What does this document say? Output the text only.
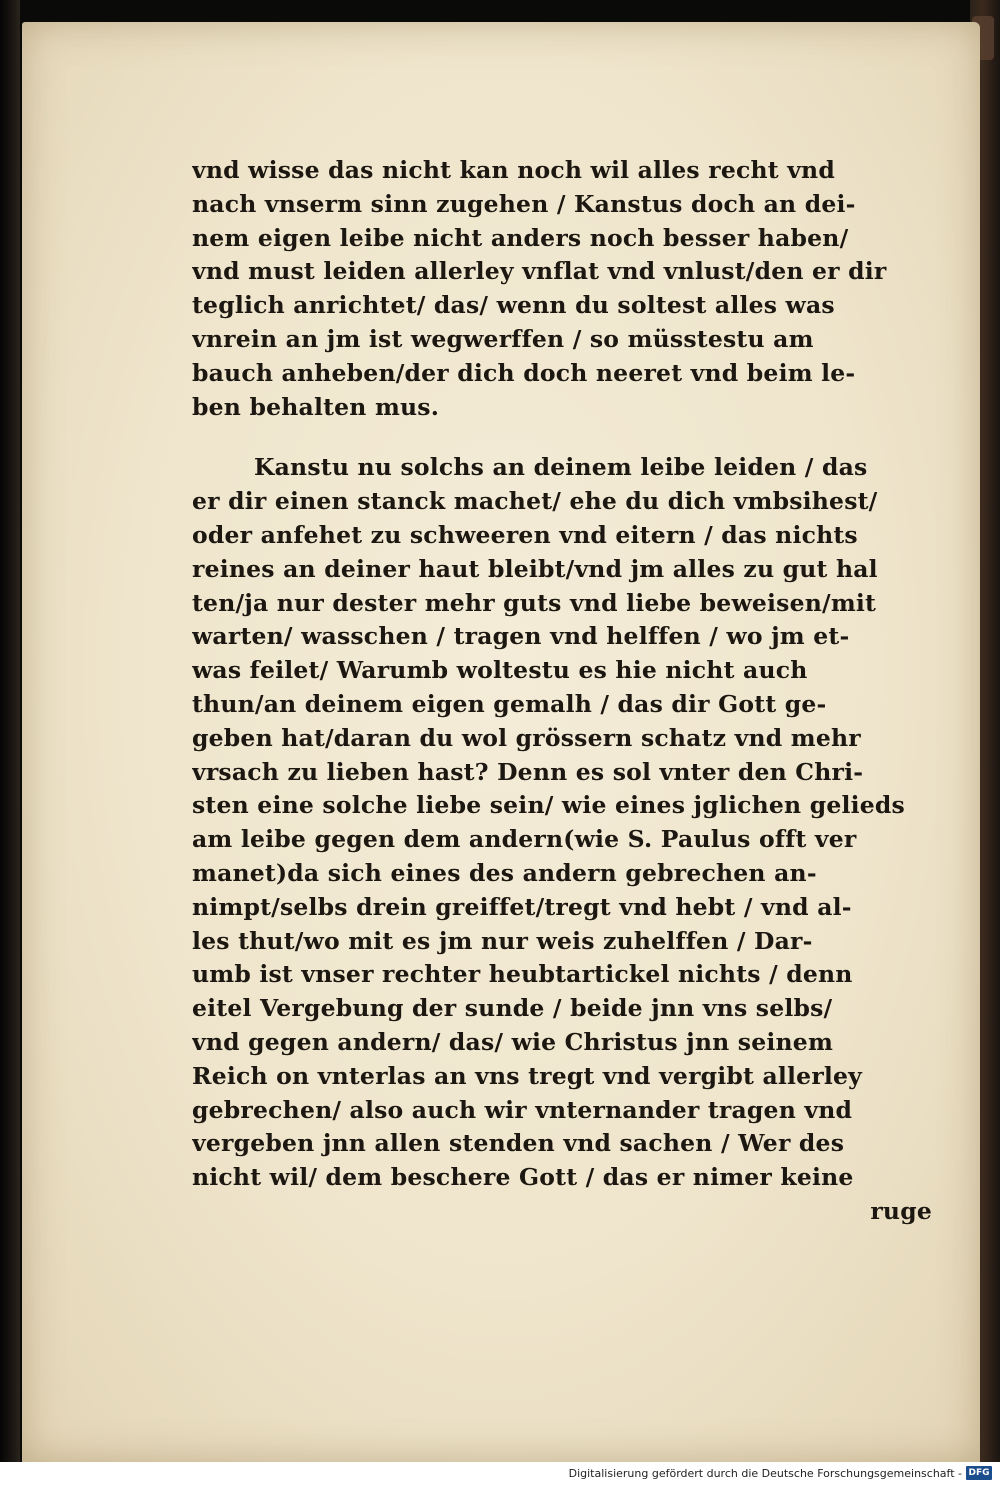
vnd wisse das nicht kan noch wil alles recht vnd
nach vnserm sinn zugehen / Kanstus doch an dei-
nem eigen leibe nicht anders noch besser haben/
vnd must leiden allerley vnflat vnd vnlust/den er dir
teglich anrichtet/ das/ wenn du soltest alles was
vnrein an jm ist wegwerffen / so müsstestu am
bauch anheben/der dich doch neeret vnd beim le-
ben behalten mus.
Kanstu nu solchs an deinem leibe leiden / das
er dir einen stanck machet/ ehe du dich vmbsihest/
oder anfehet zu schweeren vnd eitern / das nichts
reines an deiner haut bleibt/vnd jm alles zu gut hal
ten/ja nur dester mehr guts vnd liebe beweisen/mit
warten/ wasschen / tragen vnd helffen / wo jm et-
was feilet/ Warumb woltestu es hie nicht auch
thun/an deinem eigen gemalh / das dir Gott ge-
geben hat/daran du wol grössern schatz vnd mehr
vrsach zu lieben hast? Denn es sol vnter den Chri-
sten eine solche liebe sein/ wie eines jglichen gelieds
am leibe gegen dem andern(wie S. Paulus offt ver
manet)da sich eines des andern gebrechen an-
nimpt/selbs drein greiffet/tregt vnd hebt / vnd al-
les thut/wo mit es jm nur weis zuhelffen / Dar-
umb ist vnser rechter heubtartickel nichts / denn
eitel Vergebung der sunde / beide jnn vns selbs/
vnd gegen andern/ das/ wie Christus jnn seinem
Reich on vnterlas an vns tregt vnd vergibt allerley
gebrechen/ also auch wir vnternander tragen vnd
vergeben jnn allen stenden vnd sachen / Wer des
nicht wil/ dem beschere Gott / das er nimer keine
ruge
Digitalisierung gefördert durch die Deutsche Forschungsgemeinschaft - DFG
